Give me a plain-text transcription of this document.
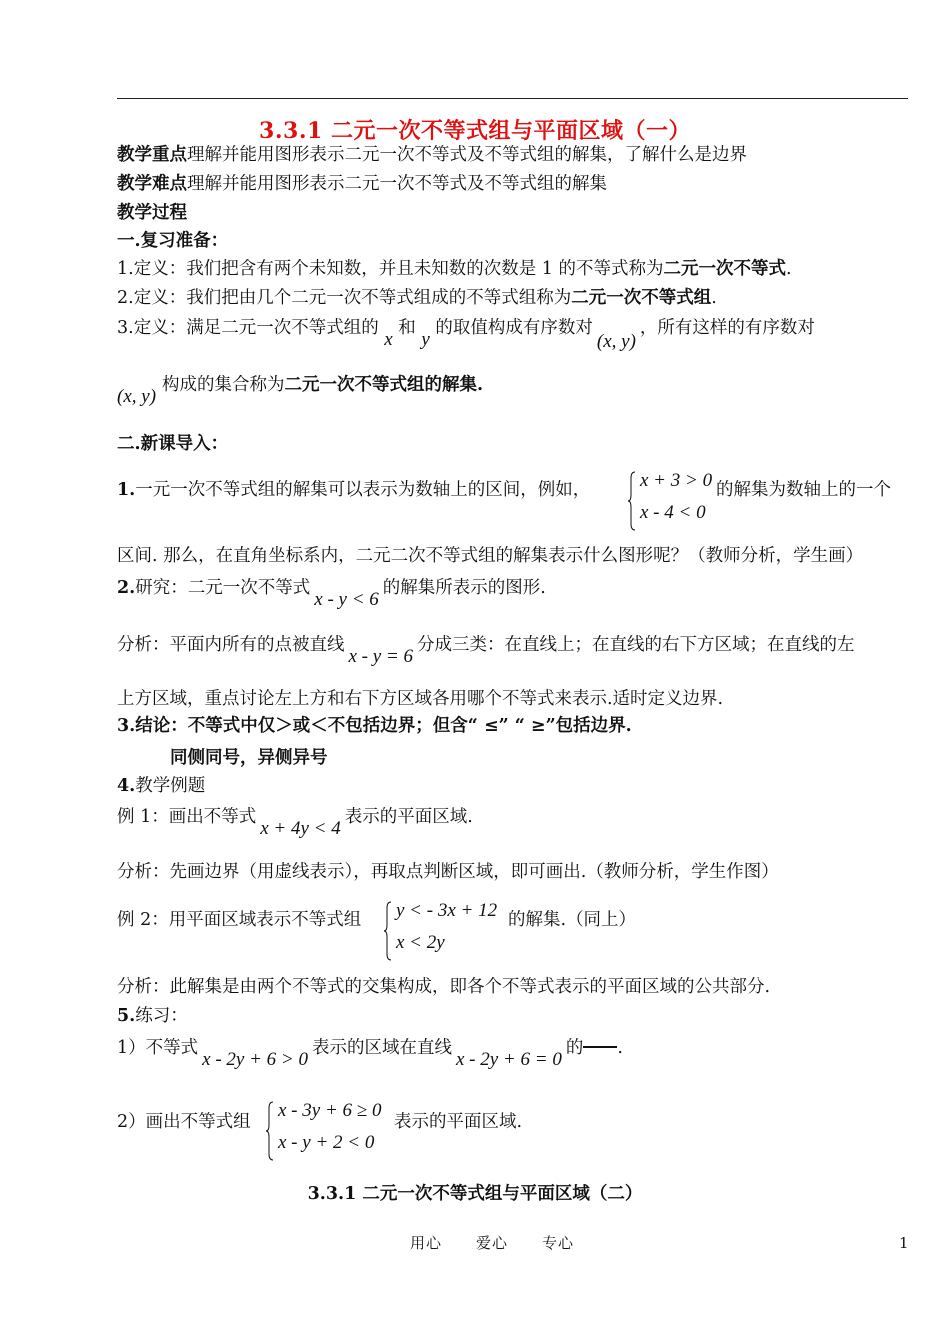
3.3.1 二元一次不等式组与平面区域（一）
教学重点理解并能用图形表示二元一次不等式及不等式组的解集，了解什么是边界
教学难点理解并能用图形表示二元一次不等式及不等式组的解集
教学过程
一.复习准备：
1.定义：我们把含有两个未知数，并且未知数的次数是 1 的不等式称为二元一次不等式.
2.定义：我们把由几个二元一次不等式组成的不等式组称为二元一次不等式组.
3.定义：满足二元一次不等式组的 x 和 y 的取值构成有序数对(x, y)，所有这样的有序数对
(x, y)构成的集合称为二元一次不等式组的解集.
二.新课导入：
1.一元一次不等式组的解集可以表示为数轴上的区间，例如，	x + 3 > 0
x - 4 < 0
的解集为数轴上的一个
区间. 那么，在直角坐标系内，二元二次不等式组的解集表示什么图形呢？（教师分析，学生画）
2.研究：二元一次不等式x - y < 6的解集所表示的图形.
分析：平面内所有的点被直线x - y = 6分成三类：在直线上；在直线的右下方区域；在直线的左
上方区域，重点讨论左上方和右下方区域各用哪个不等式来表示.适时定义边界.
3.结论：不等式中仅＞或＜不包括边界；但含“ ≤” “ ≥”包括边界.
同侧同号，异侧异号
4.教学例题
例 1：画出不等式x + 4y < 4表示的平面区域.
分析：先画边界（用虚线表示），再取点判断区域，即可画出.（教师分析，学生作图）
例 2：用平面区域表示不等式组 y < - 3x + 12
x < 2y
的解集.（同上）
分析：此解集是由两个不等式的交集构成，即各个不等式表示的平面区域的公共部分.
5.练习：
1）不等式x - 2y + 6 > 0表示的区域在直线x - 2y + 6 = 0的 .
2）画出不等式组
x - 3y + 6 ≥ 0
x - y + 2 < 0
表示的平面区域.
3.3.1 二元一次不等式组与平面区域（二）
用心 爱心 专心	1
